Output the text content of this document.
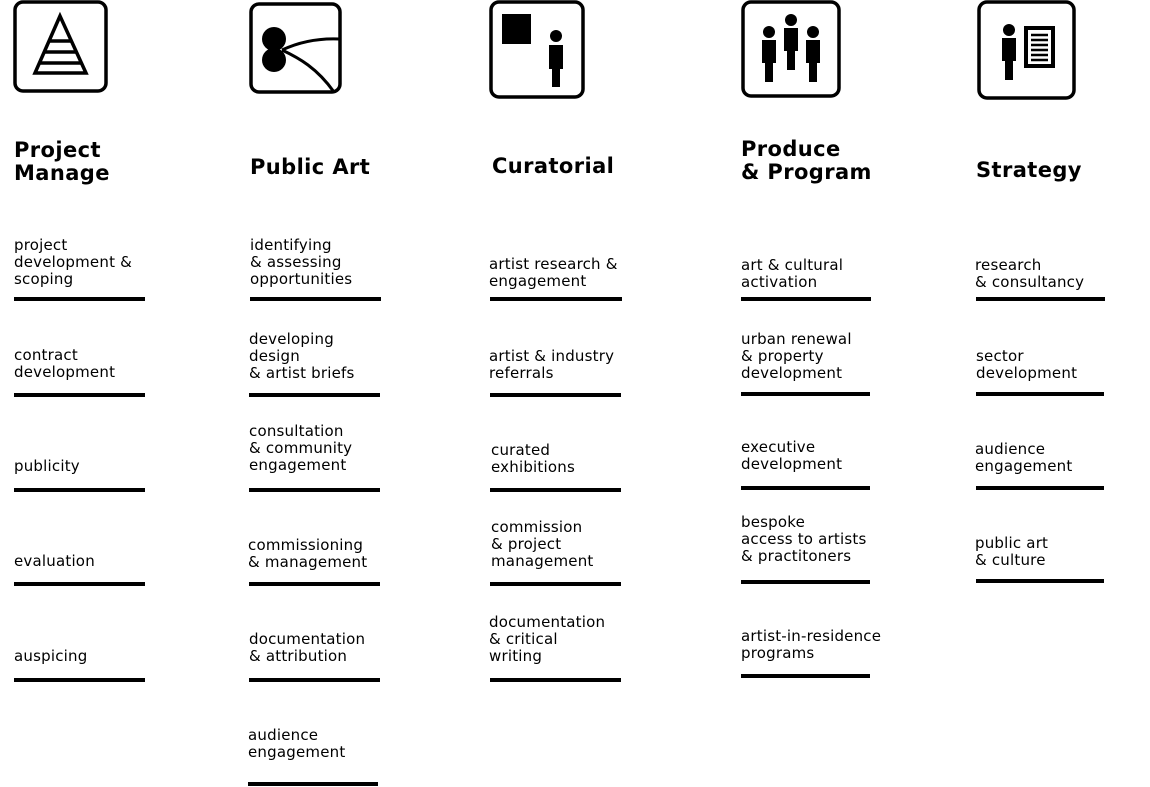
Project
Manage
project
development &
scoping
contract
development
publicity
evaluation
auspicing
Public Art
identifying
& assessing
opportunities
developing
design
& artist briefs
consultation
& community
engagement
commissioning
& management
documentation
& attribution
audience
engagement
Curatorial
artist research &
engagement
artist & industry
referrals
curated
exhibitions
commission
& project
management
documentation
& critical
writing
Produce
& Program
art & cultural
activation
urban renewal
& property
development
executive
development
bespoke
access to artists
& practitoners
artist-in-residence
programs
Strategy
research
& consultancy
sector
development
audience
engagement
public art
& culture
